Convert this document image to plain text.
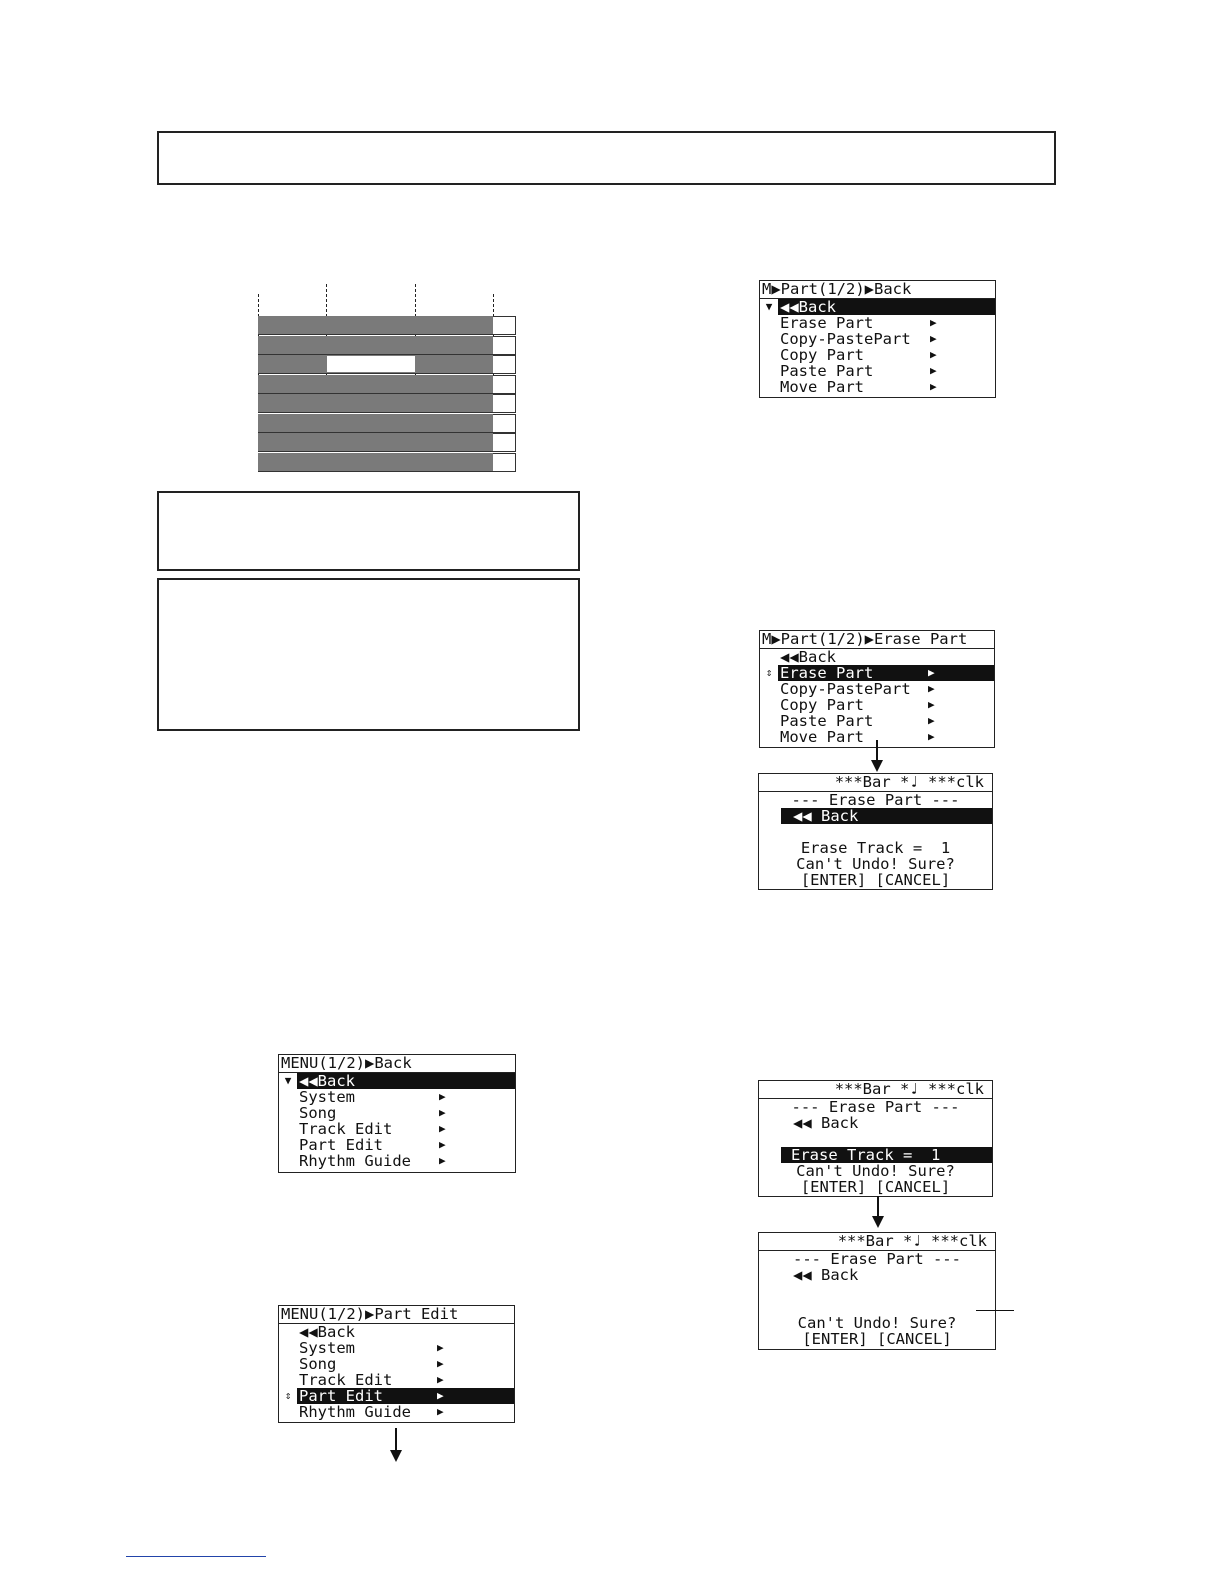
M▶Part(1/2)▶Back
▼ ◀◀Back
Erase Part	▶
Copy-PastePart	▶
Copy Part	▶
Paste Part	▶
Move Part	▶
M▶Part(1/2)▶Erase Part
◀◀Back
⇕ Erase Part	▶
Copy-PastePart	▶
Copy Part	▶
Paste Part	▶
Move Part	▶
***Bar *♩ ***clk
--- Erase Part ---
◀◀ Back
Erase Track =  1
Can't Undo! Sure?
[ENTER] [CANCEL]
***Bar *♩ ***clk
--- Erase Part ---
◀◀ Back
Erase Track =  1
Can't Undo! Sure?
[ENTER] [CANCEL]
***Bar *♩ ***clk
--- Erase Part ---
◀◀ Back

Can't Undo! Sure?
[ENTER] [CANCEL]
MENU(1/2)▶Back
▼ ◀◀Back
System	▶
Song	▶
Track Edit	▶
Part Edit	▶
Rhythm Guide	▶
MENU(1/2)▶Part Edit
◀◀Back
System	▶
Song	▶
Track Edit	▶
⇕ Part Edit	▶
Rhythm Guide	▶
